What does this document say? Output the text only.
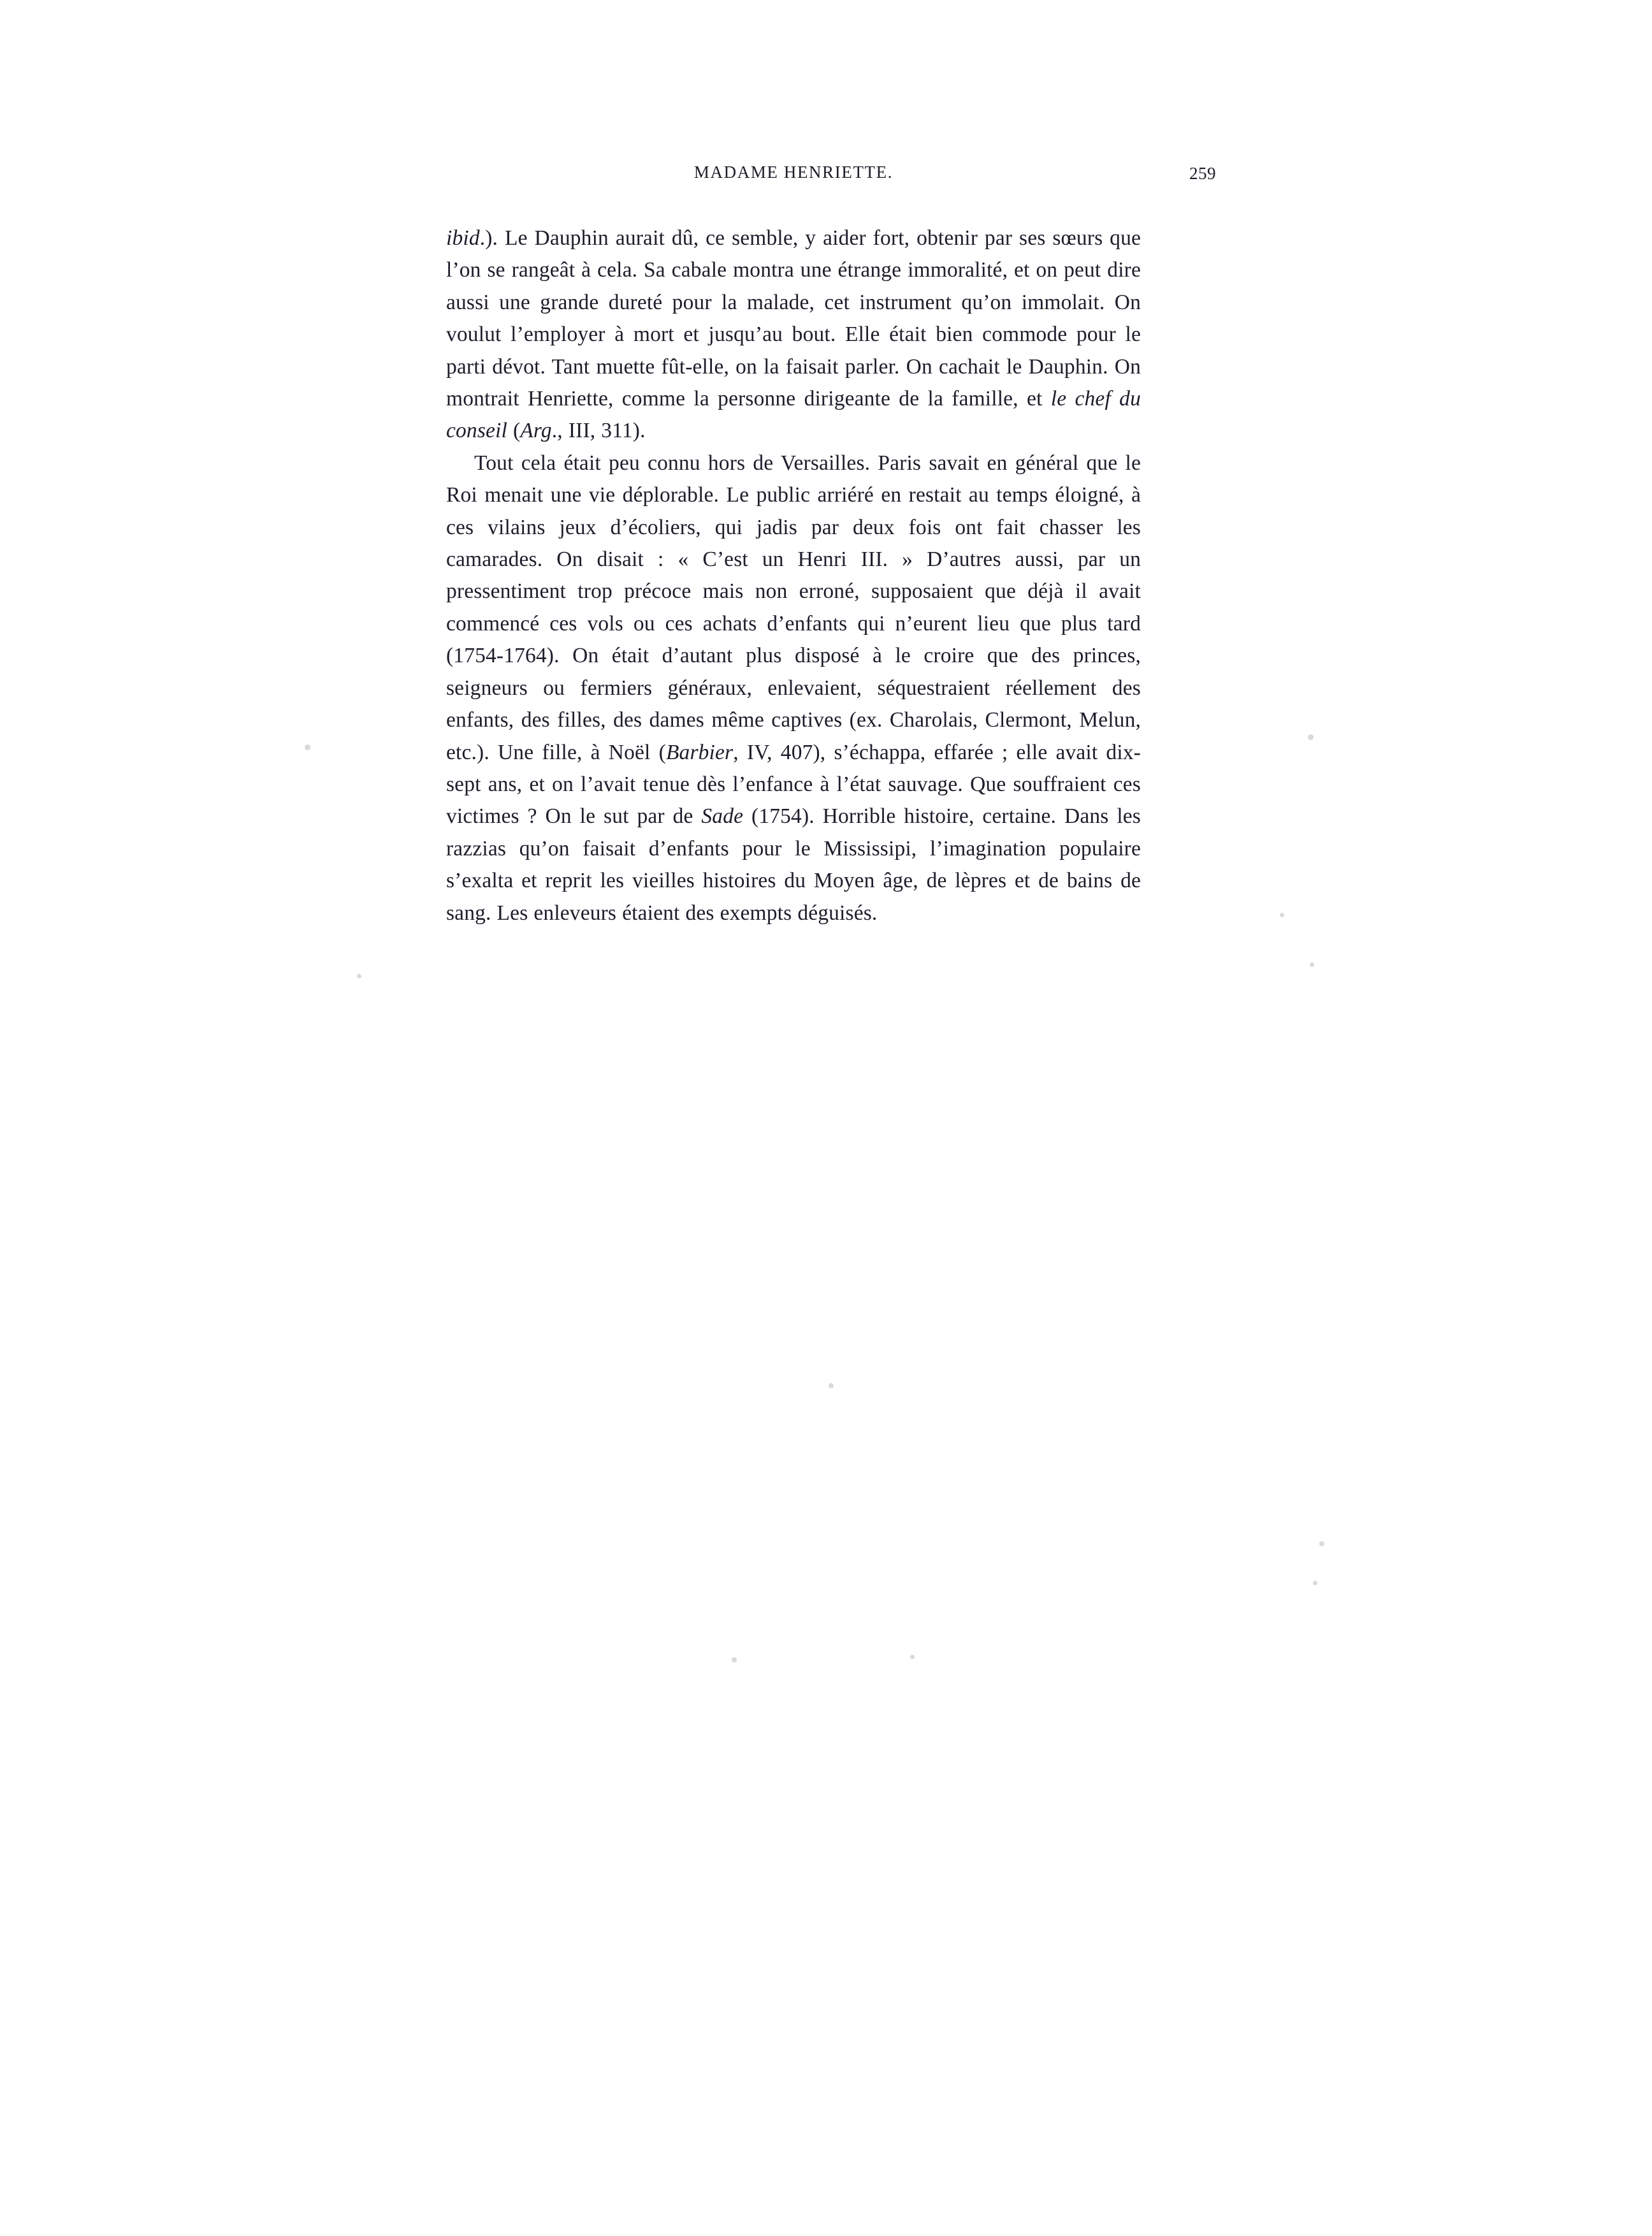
MADAME HENRIETTE.	259

ibid.). Le Dauphin aurait dû, ce semble, y aider fort, obtenir par ses sœurs que l’on se rangeât à cela. Sa cabale montra une étrange immoralité, et on peut dire aussi une grande dureté pour la malade, cet instrument qu’on immolait. On voulut l’employer à mort et jusqu’au bout. Elle était bien commode pour le parti dévot. Tant muette fût-elle, on la faisait parler. On cachait le Dauphin. On montrait Henriette, comme la personne dirigeante de la famille, et le chef du conseil (Arg., III, 311).

Tout cela était peu connu hors de Versailles. Paris savait en général que le Roi menait une vie déplorable. Le public arriéré en restait au temps éloigné, à ces vilains jeux d’écoliers, qui jadis par deux fois ont fait chasser les camarades. On disait : « C’est un Henri III. » D’autres aussi, par un pressentiment trop précoce mais non erroné, supposaient que déjà il avait commencé ces vols ou ces achats d’enfants qui n’eurent lieu que plus tard (1754-1764). On était d’autant plus disposé à le croire que des princes, seigneurs ou fermiers généraux, enlevaient, séquestraient réellement des enfants, des filles, des dames même captives (ex. Charolais, Clermont, Melun, etc.). Une fille, à Noël (Barbier, IV, 407), s’échappa, effarée ; elle avait dix-sept ans, et on l’avait tenue dès l’enfance à l’état sauvage. Que souffraient ces victimes ? On le sut par de Sade (1754). Horrible histoire, certaine. Dans les razzias qu’on faisait d’enfants pour le Mississipi, l’imagination populaire s’exalta et reprit les vieilles histoires du Moyen âge, de lèpres et de bains de sang. Les enleveurs étaient des exempts déguisés.
